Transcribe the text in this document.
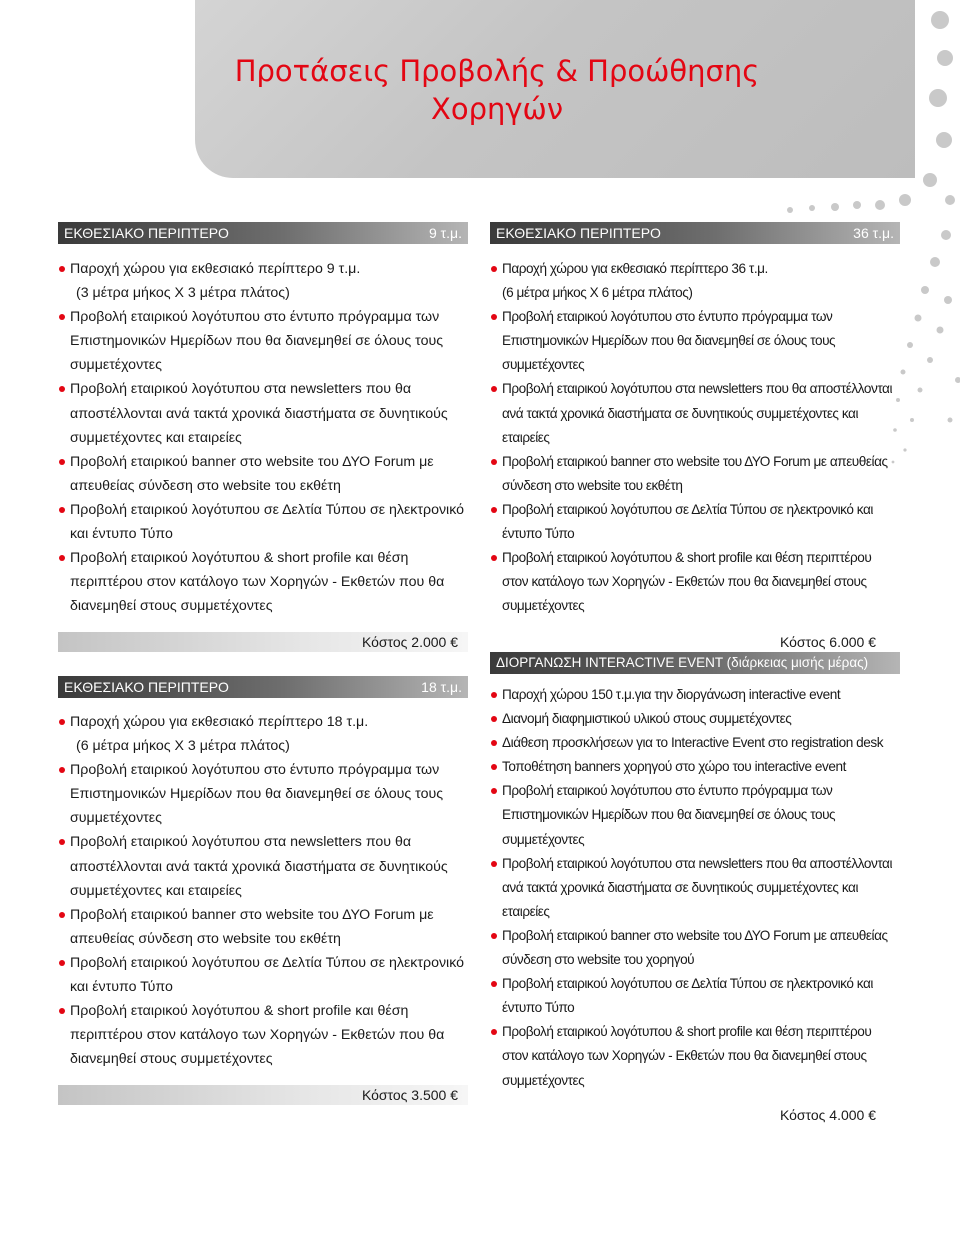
Προτάσεις Προβολής & Προώθησης
Χορηγών
ΕΚΘΕΣΙΑΚΟ ΠΕΡΙΠΤΕΡΟ	9 τ.μ.
Παροχή χώρου για εκθεσιακό περίπτερο 9 τ.μ.
(3 μέτρα μήκος Χ 3 μέτρα πλάτος)
Προβολή εταιρικού λογότυπου στο έντυπο πρόγραμμα των Επιστημονικών Ημερίδων που θα διανεμηθεί σε όλους τους συμμετέχοντες
Προβολή εταιρικού λογότυπου στα newsletters που θα αποστέλλονται ανά τακτά χρονικά διαστήματα σε δυνητικούς συμμετέχοντες και εταιρείες
Προβολή εταιρικού banner στο website του ΔΥΟ Forum με απευθείας σύνδεση στο website του εκθέτη
Προβολή εταιρικού λογότυπου σε Δελτία Τύπου σε ηλεκτρονικό και έντυπο Τύπο
Προβολή εταιρικού λογότυπου & short profile και θέση περιπτέρου στον κατάλογο των Χορηγών - Εκθετών που θα διανεμηθεί στους συμμετέχοντες
Κόστος 2.000 €
ΕΚΘΕΣΙΑΚΟ ΠΕΡΙΠΤΕΡΟ	18 τ.μ.
Παροχή χώρου για εκθεσιακό περίπτερο 18 τ.μ.
(6 μέτρα μήκος Χ 3 μέτρα πλάτος)
Προβολή εταιρικού λογότυπου στο έντυπο πρόγραμμα των Επιστημονικών Ημερίδων που θα διανεμηθεί σε όλους τους συμμετέχοντες
Προβολή εταιρικού λογότυπου στα newsletters που θα αποστέλλονται ανά τακτά χρονικά διαστήματα σε δυνητικούς συμμετέχοντες και εταιρείες
Προβολή εταιρικού banner στο website του ΔΥΟ Forum με απευθείας σύνδεση στο website του εκθέτη
Προβολή εταιρικού λογότυπου σε Δελτία Τύπου σε ηλεκτρονικό και έντυπο Τύπο
Προβολή εταιρικού λογότυπου & short profile και θέση περιπτέρου στον κατάλογο των Χορηγών - Εκθετών που θα διανεμηθεί στους συμμετέχοντες
Κόστος 3.500 €
ΕΚΘΕΣΙΑΚΟ ΠΕΡΙΠΤΕΡΟ	36 τ.μ.
Παροχή χώρου για εκθεσιακό περίπτερο 36 τ.μ.
(6 μέτρα μήκος Χ 6 μέτρα πλάτος)
Προβολή εταιρικού λογότυπου στο έντυπο πρόγραμμα των Επιστημονικών Ημερίδων που θα διανεμηθεί σε όλους τους συμμετέχοντες
Προβολή εταιρικού λογότυπου στα newsletters που θα αποστέλλονται ανά τακτά χρονικά διαστήματα σε δυνητικούς συμμετέχοντες και εταιρείες
Προβολή εταιρικού banner στο website του ΔΥΟ Forum με απευθείας σύνδεση στο website του εκθέτη
Προβολή εταιρικού λογότυπου σε Δελτία Τύπου σε ηλεκτρονικό και έντυπο Τύπο
Προβολή εταιρικού λογότυπου & short profile και θέση περιπτέρου στον κατάλογο των Χορηγών - Εκθετών που θα διανεμηθεί στους συμμετέχοντες
Κόστος 6.000 €
ΔΙΟΡΓΑΝΩΣΗ INTERACTIVE EVENT (διάρκειας μισής μέρας)
Παροχή χώρου 150 τ.μ.για την διοργάνωση interactive event
Διανομή διαφημιστικού υλικού στους συμμετέχοντες
Διάθεση προσκλήσεων για το Interactive Event στο registration desk
Τοποθέτηση banners χορηγού στο χώρο του interactive event
Προβολή εταιρικού λογότυπου στο έντυπο πρόγραμμα των Επιστημονικών Ημερίδων που θα διανεμηθεί σε όλους τους συμμετέχοντες
Προβολή εταιρικού λογότυπου στα newsletters που θα αποστέλλονται ανά τακτά χρονικά διαστήματα σε δυνητικούς συμμετέχοντες και εταιρείες
Προβολή εταιρικού banner στο website του ΔΥΟ Forum με απευθείας σύνδεση στο website του χορηγού
Προβολή εταιρικού λογότυπου σε Δελτία Τύπου σε ηλεκτρονικό και έντυπο Τύπο
Προβολή εταιρικού λογότυπου & short profile και θέση περιπτέρου στον κατάλογο των Χορηγών - Εκθετών που θα διανεμηθεί στους συμμετέχοντες
Κόστος 4.000 €
